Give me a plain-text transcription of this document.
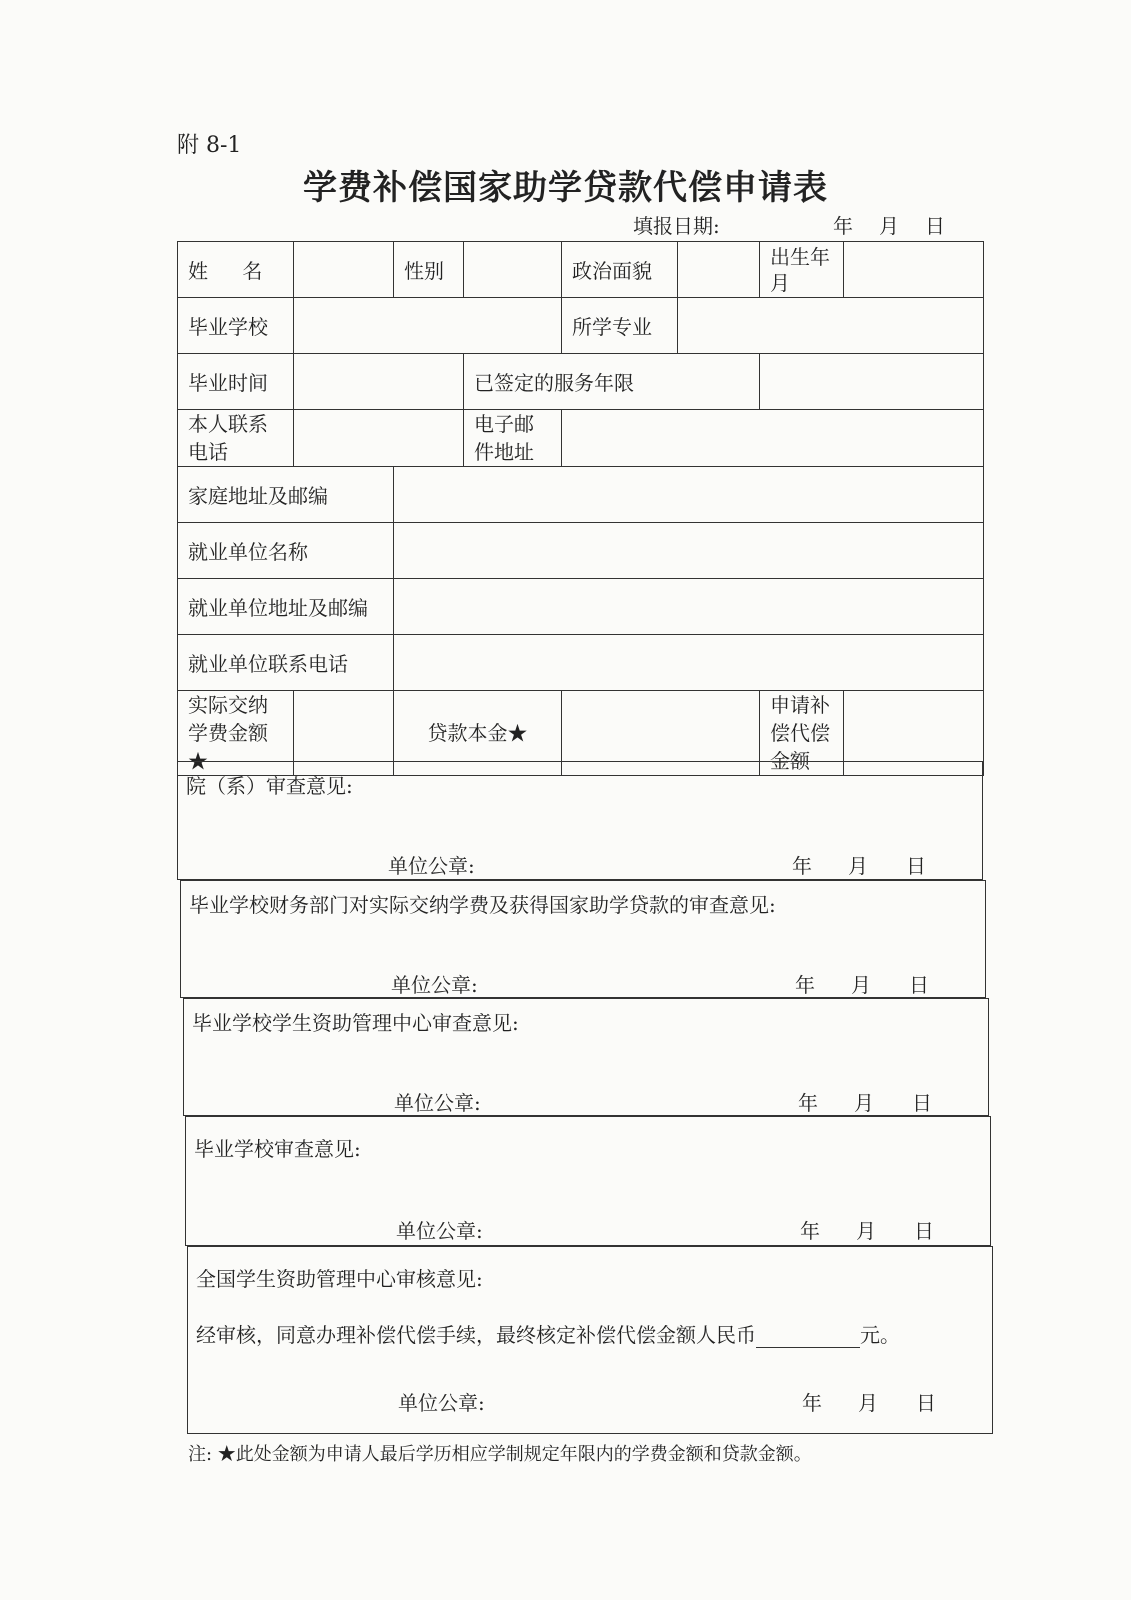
附 8-1
学费补偿国家助学贷款代偿申请表
填报日期:	年 月 日
姓 名		性别		政治面貌		出生年月	
毕业学校				所学专业			
毕业时间			已签定的服务年限				
本人联系电话			电子邮件地址				
家庭地址及邮编							
就业单位名称							
就业单位地址及邮编							
就业单位联系电话							
实际交纳学费金额★		贷款本金★				申请补偿代偿金额	
院（系）审查意见:
单位公章:	年 月 日
毕业学校财务部门对实际交纳学费及获得国家助学贷款的审查意见:
单位公章:	年 月 日
毕业学校学生资助管理中心审查意见:
单位公章:	年 月 日
毕业学校审查意见:
单位公章:	年 月 日
全国学生资助管理中心审核意见:
经审核，同意办理补偿代偿手续，最终核定补偿代偿金额人民币	元。
单位公章:	年 月 日
注: ★此处金额为申请人最后学历相应学制规定年限内的学费金额和贷款金额。
